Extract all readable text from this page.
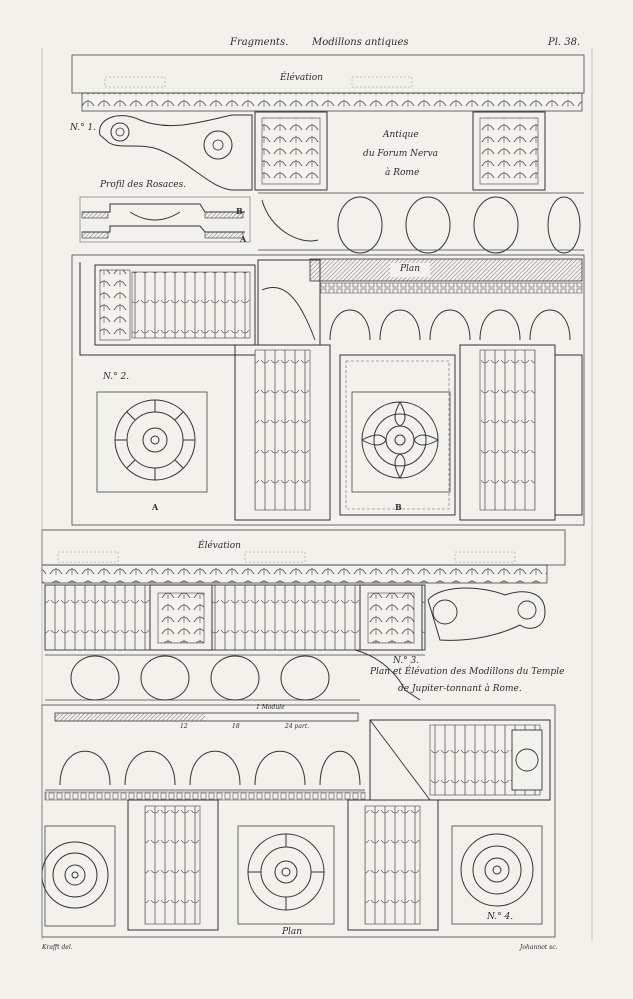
Fragments. Modillons antiques	Pl. 38.
Élévation
N.° 1.
Antique
du Forum Nerva
à Rome
Profil des Rosaces.
B
A
Plan
N.° 2.
A	B
Élévation
N.° 3.
Plan et Élévation des Modillons du Temple
de Jupiter-tonnant à Rome.
1 Module
12	18	24 part.
Plan
N.° 4.
Krafft del.	Johannot sc.
